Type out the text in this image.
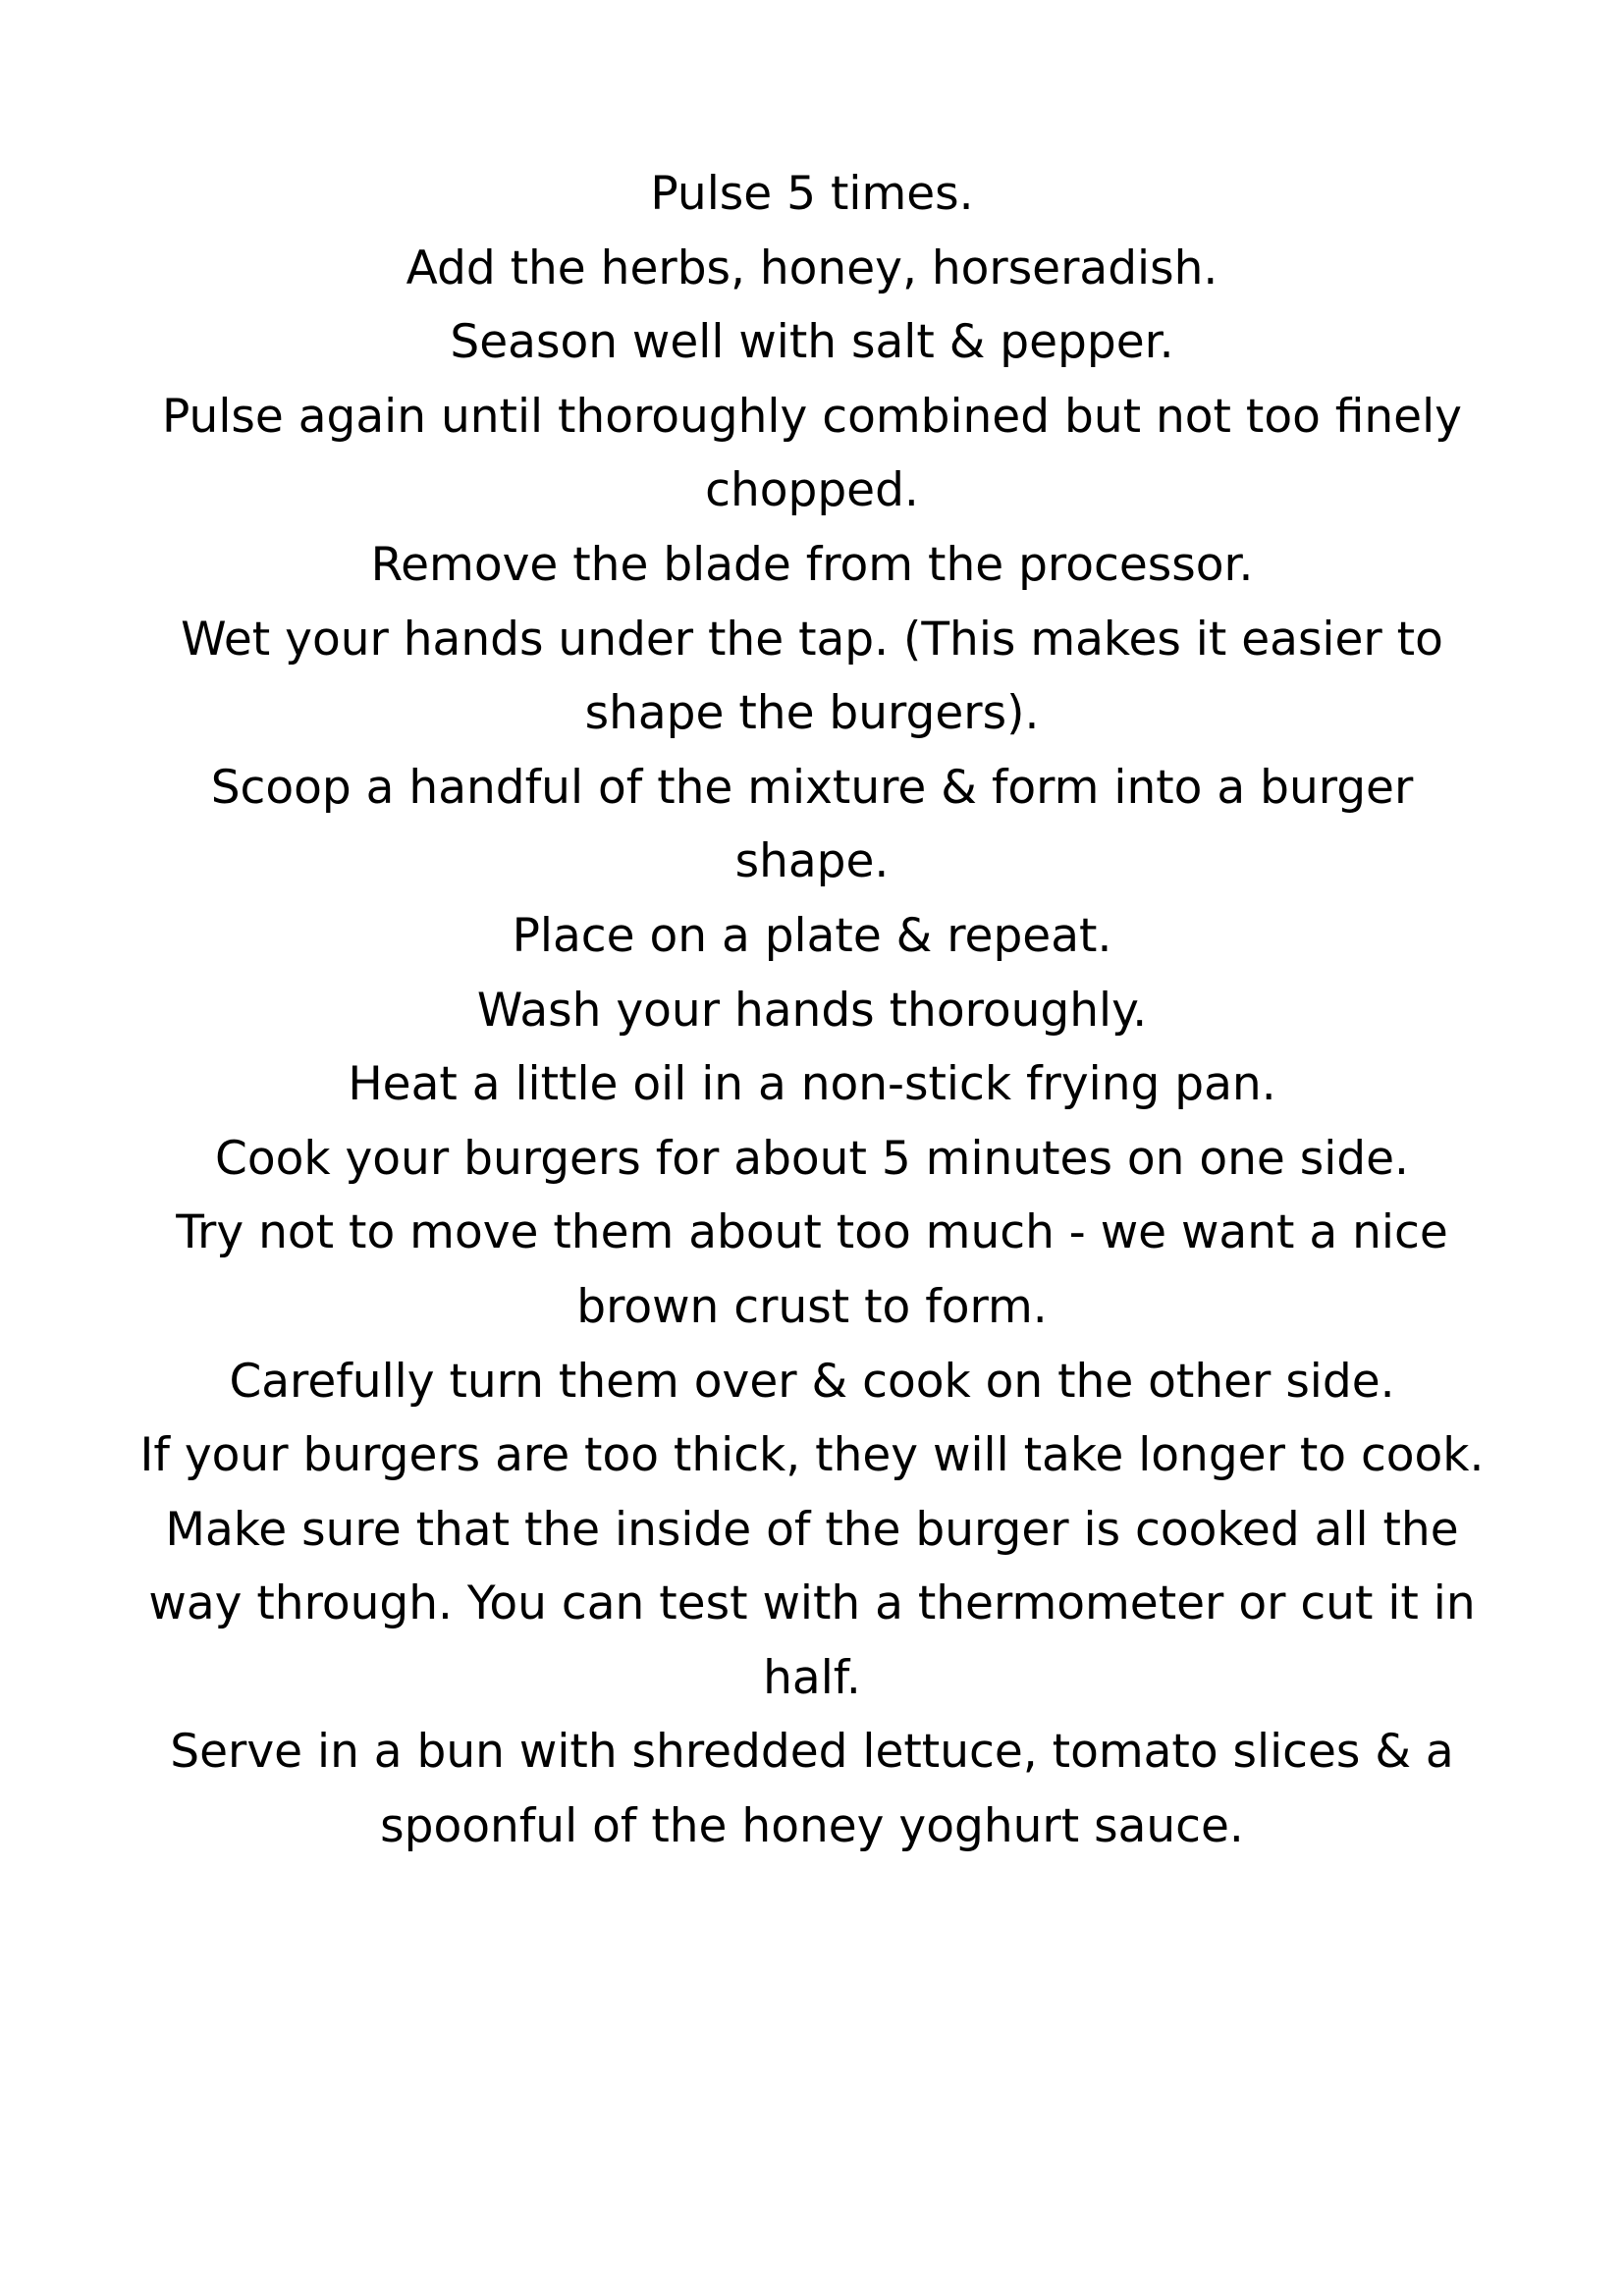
Pulse 5 times.

Add the herbs, honey, horseradish.

Season well with salt & pepper.

Pulse again until thoroughly combined but not too finely chopped.

Remove the blade from the processor.

Wet your hands under the tap. (This makes it easier to shape the burgers).

Scoop a handful of the mixture & form into a burger shape.

Place on a plate & repeat.

Wash your hands thoroughly.

Heat a little oil in a non-stick frying pan.

Cook your burgers for about 5 minutes on one side.

Try not to move them about too much - we want a nice brown crust to form.

Carefully turn them over & cook on the other side.

If your burgers are too thick, they will take longer to cook.

Make sure that the inside of the burger is cooked all the way through. You can test with a thermometer or cut it in half.

Serve in a bun with shredded lettuce, tomato slices & a spoonful of the honey yoghurt sauce.
